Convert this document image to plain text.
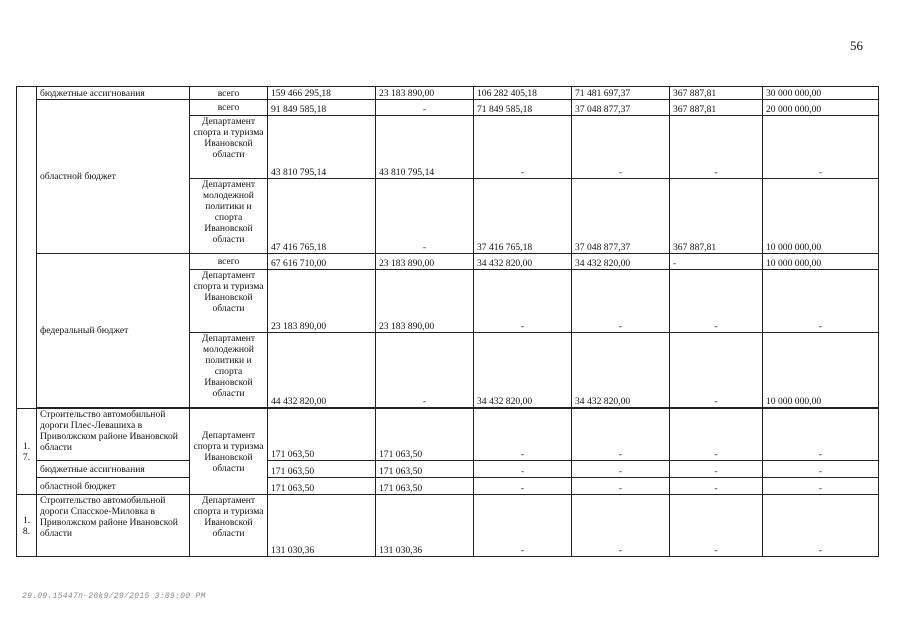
56
	бюджетные ассигнования	всего	159 466 295,18	23 183 890,00	106 282 405,18	71 481 697,37	367 887,81	30 000 000,00
	областной бюджет	всего	91 849 585,18	-	71 849 585,18	37 048 877,37	367 887,81	20 000 000,00
		Департамент спорта и туризма Ивановской области	43 810 795,14	43 810 795,14	-	-	-	-
		Департамент молодежной политики и спорта Ивановской области	47 416 765,18	-	37 416 765,18	37 048 877,37	367 887,81	10 000 000,00
	федеральный бюджет	всего	67 616 710,00	23 183 890,00	34 432 820,00	34 432 820,00	-	10 000 000,00
		Департамент спорта и туризма Ивановской области	23 183 890,00	23 183 890,00	-	-	-	-
		Департамент молодежной политики и спорта Ивановской области	44 432 820,00	-	34 432 820,00	34 432 820,00	-	10 000 000,00

1. 7.	Строительство автомобильной дороги Плес-Левашиха в Приволжском районе Ивановской области	Департамент спорта и туризма Ивановской области	171 063,50	171 063,50	-	-	-	-
	бюджетные ассигнования		171 063,50	171 063,50	-	-	-	-
	областной бюджет		171 063,50	171 063,50	-	-	-	-
1. 8.	Строительство автомобильной дороги Спасское-Миловка в Приволжском районе Ивановской области	Департамент спорта и туризма Ивановской области	131 030,36	131 030,36	-	-	-	-
29.09.15447п-28k9/29/2015 3:09:00 PM
